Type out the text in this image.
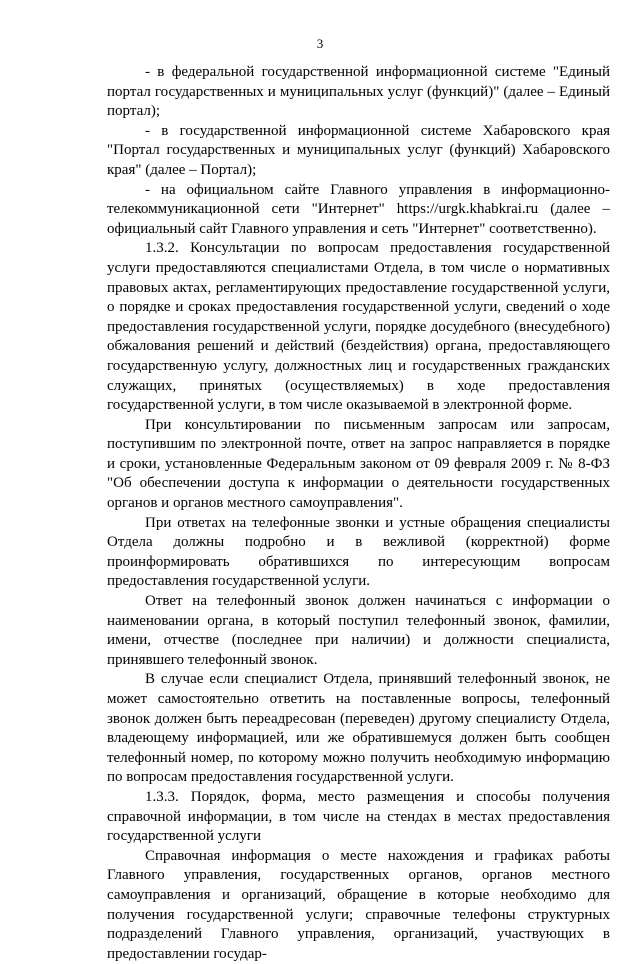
3

- в федеральной государственной информационной системе "Единый портал государственных и муниципальных услуг (функций)" (далее – Единый портал);

- в государственной информационной системе Хабаровского края "Портал государственных и муниципальных услуг (функций) Хабаровского края" (далее – Портал);

- на официальном сайте Главного управления в информационно-телекоммуникационной сети "Интернет" https://urgk.khabkrai.ru (далее – официальный сайт Главного управления и сеть "Интернет" соответственно).

1.3.2. Консультации по вопросам предоставления государственной услуги предоставляются специалистами Отдела, в том числе о нормативных правовых актах, регламентирующих предоставление государственной услуги, о порядке и сроках предоставления государственной услуги, сведений о ходе предоставления государственной услуги, порядке досудебного (внесудебного) обжалования решений и действий (бездействия) органа, предоставляющего государственную услугу, должностных лиц и государственных гражданских служащих, принятых (осуществляемых) в ходе предоставления государственной услуги, в том числе оказываемой в электронной форме.

При консультировании по письменным запросам или запросам, поступившим по электронной почте, ответ на запрос направляется в порядке и сроки, установленные Федеральным законом от 09 февраля 2009 г. № 8-ФЗ "Об обеспечении доступа к информации о деятельности государственных органов и органов местного самоуправления".

При ответах на телефонные звонки и устные обращения специалисты Отдела должны подробно и в вежливой (корректной) форме проинформировать обратившихся по интересующим вопросам предоставления государственной услуги.

Ответ на телефонный звонок должен начинаться с информации о наименовании органа, в который поступил телефонный звонок, фамилии, имени, отчестве (последнее при наличии) и должности специалиста, принявшего телефонный звонок.

В случае если специалист Отдела, принявший телефонный звонок, не может самостоятельно ответить на поставленные вопросы, телефонный звонок должен быть переадресован (переведен) другому специалисту Отдела, владеющему информацией, или же обратившемуся должен быть сообщен телефонный номер, по которому можно получить необходимую информацию по вопросам предоставления государственной услуги.

1.3.3. Порядок, форма, место размещения и способы получения справочной информации, в том числе на стендах в местах предоставления государственной услуги

Справочная информация о месте нахождения и графиках работы Главного управления, государственных органов, органов местного самоуправления и организаций, обращение в которые необходимо для получения государственной услуги; справочные телефоны структурных подразделений Главного управления, организаций, участвующих в предоставлении государ-
